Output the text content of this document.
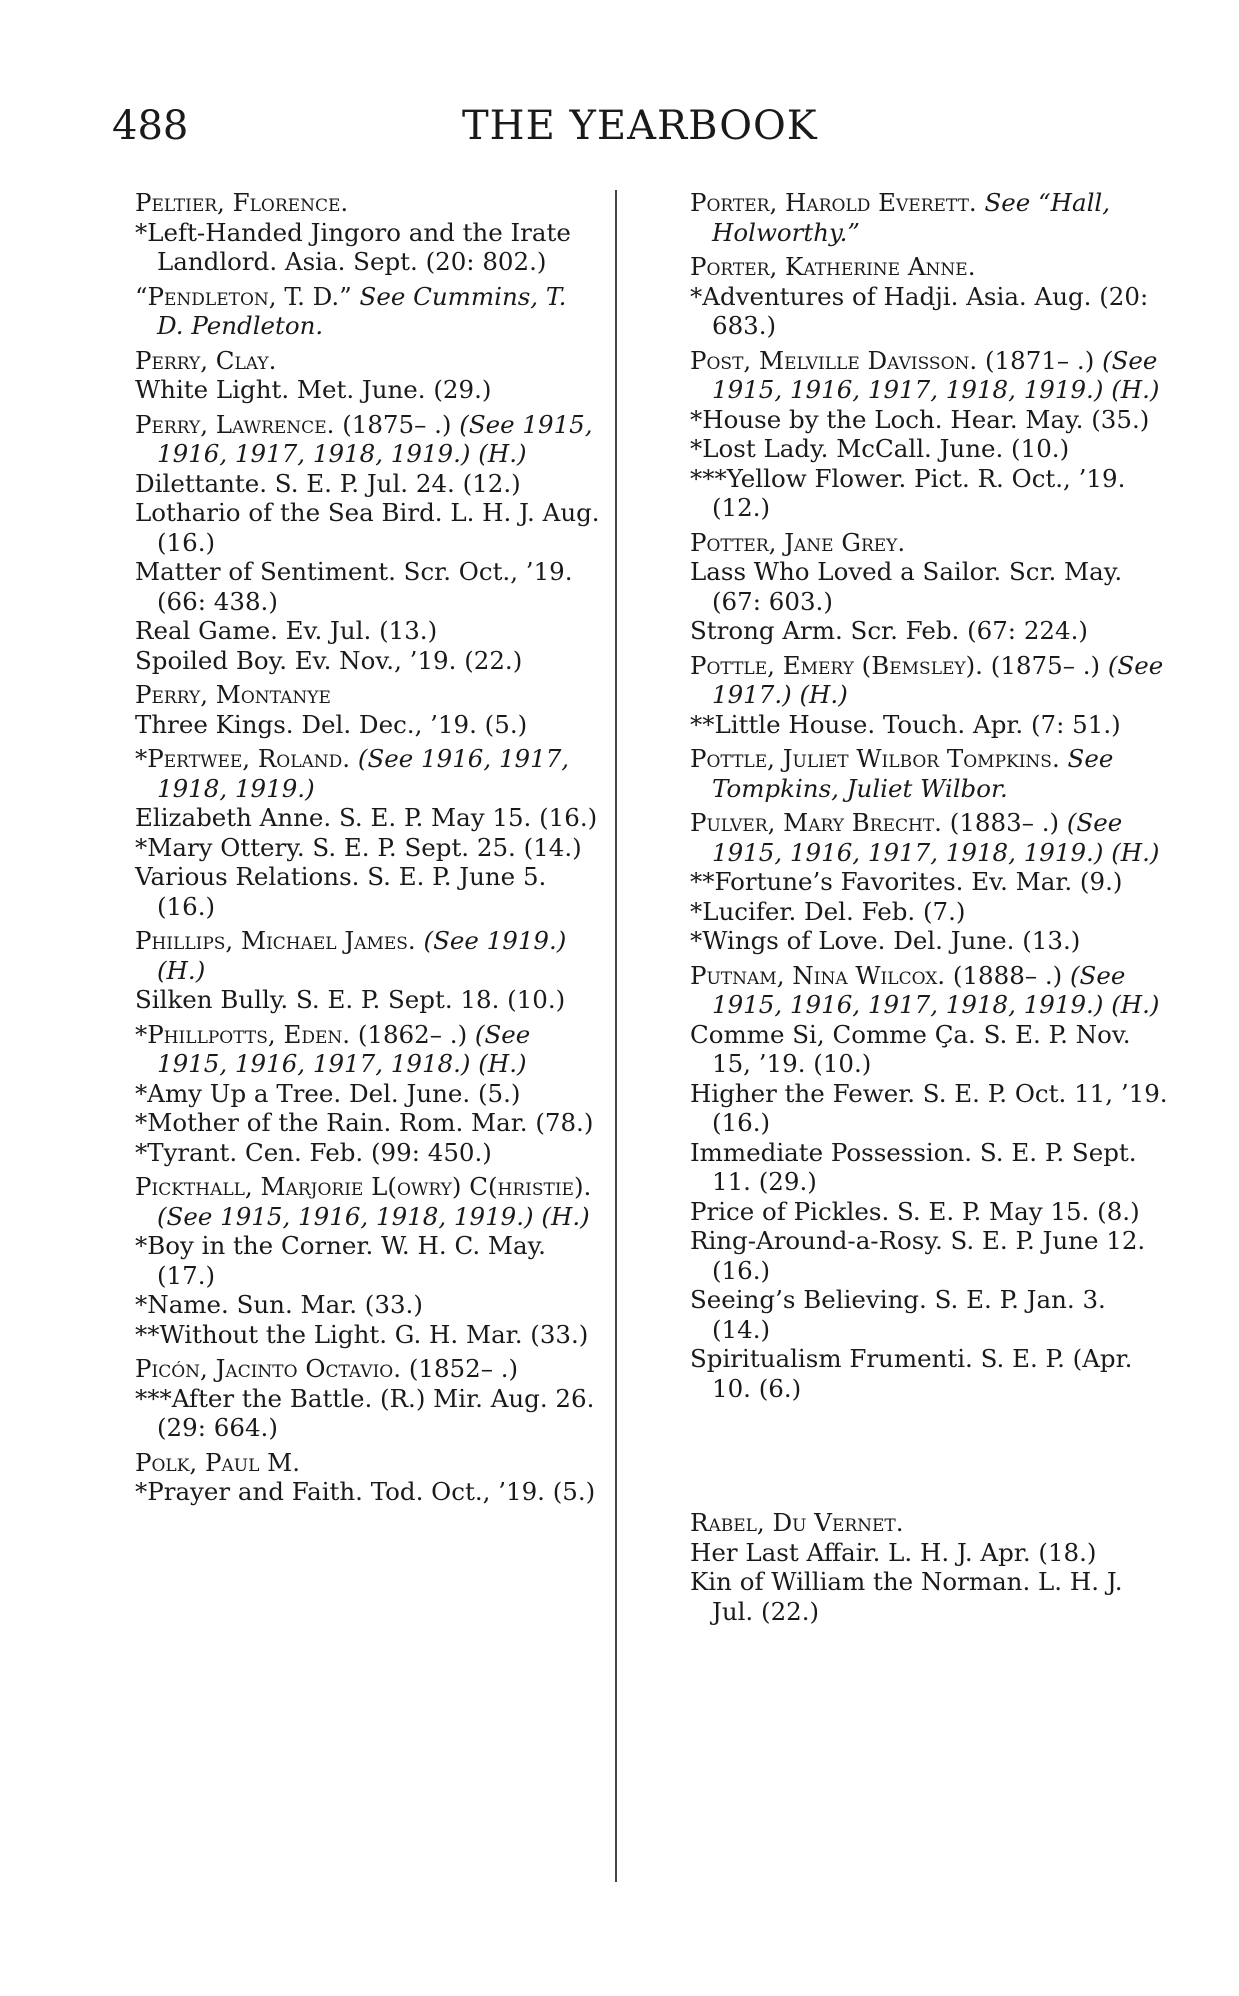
488	THE YEARBOOK
Peltier, Florence.
*Left-Handed Jingoro and the Irate Landlord. Asia. Sept. (20: 802.)
“Pendleton, T. D.” See Cummins, T. D. Pendleton.
Perry, Clay.
White Light. Met. June. (29.)
Perry, Lawrence. (1875– .) (See 1915, 1916, 1917, 1918, 1919.) (H.)
Dilettante. S. E. P. Jul. 24. (12.)
Lothario of the Sea Bird. L. H. J. Aug. (16.)
Matter of Sentiment. Scr. Oct., ’19. (66: 438.)
Real Game. Ev. Jul. (13.)
Spoiled Boy. Ev. Nov., ’19. (22.)
Perry, Montanye
Three Kings. Del. Dec., ’19. (5.)
*Pertwee, Roland. (See 1916, 1917, 1918, 1919.)
Elizabeth Anne. S. E. P. May 15. (16.)
*Mary Ottery. S. E. P. Sept. 25. (14.)
Various Relations. S. E. P. June 5. (16.)
Phillips, Michael James. (See 1919.) (H.)
Silken Bully. S. E. P. Sept. 18. (10.)
*Phillpotts, Eden. (1862– .) (See 1915, 1916, 1917, 1918.) (H.)
*Amy Up a Tree. Del. June. (5.)
*Mother of the Rain. Rom. Mar. (78.)
*Tyrant. Cen. Feb. (99: 450.)
Pickthall, Marjorie L(owry) C(hristie). (See 1915, 1916, 1918, 1919.) (H.)
*Boy in the Corner. W. H. C. May. (17.)
*Name. Sun. Mar. (33.)
**Without the Light. G. H. Mar. (33.)
Picón, Jacinto Octavio. (1852– .)
***After the Battle. (R.) Mir. Aug. 26. (29: 664.)
Polk, Paul M.
*Prayer and Faith. Tod. Oct., ’19. (5.)
Porter, Harold Everett. See “Hall, Holworthy.”
Porter, Katherine Anne.
*Adventures of Hadji. Asia. Aug. (20: 683.)
Post, Melville Davisson. (1871– .) (See 1915, 1916, 1917, 1918, 1919.) (H.)
*House by the Loch. Hear. May. (35.)
*Lost Lady. McCall. June. (10.)
***Yellow Flower. Pict. R. Oct., ’19. (12.)
Potter, Jane Grey.
Lass Who Loved a Sailor. Scr. May. (67: 603.)
Strong Arm. Scr. Feb. (67: 224.)
Pottle, Emery (Bemsley). (1875– .) (See 1917.) (H.)
**Little House. Touch. Apr. (7: 51.)
Pottle, Juliet Wilbor Tompkins. See Tompkins, Juliet Wilbor.
Pulver, Mary Brecht. (1883– .) (See 1915, 1916, 1917, 1918, 1919.) (H.)
**Fortune’s Favorites. Ev. Mar. (9.)
*Lucifer. Del. Feb. (7.)
*Wings of Love. Del. June. (13.)
Putnam, Nina Wilcox. (1888– .) (See 1915, 1916, 1917, 1918, 1919.) (H.)
Comme Si, Comme Ça. S. E. P. Nov. 15, ’19. (10.)
Higher the Fewer. S. E. P. Oct. 11, ’19. (16.)
Immediate Possession. S. E. P. Sept. 11. (29.)
Price of Pickles. S. E. P. May 15. (8.)
Ring-Around-a-Rosy. S. E. P. June 12. (16.)
Seeing’s Believing. S. E. P. Jan. 3. (14.)
Spiritualism Frumenti. S. E. P. (Apr. 10. (6.)
Rabel, Du Vernet.
Her Last Affair. L. H. J. Apr. (18.)
Kin of William the Norman. L. H. J. Jul. (22.)
